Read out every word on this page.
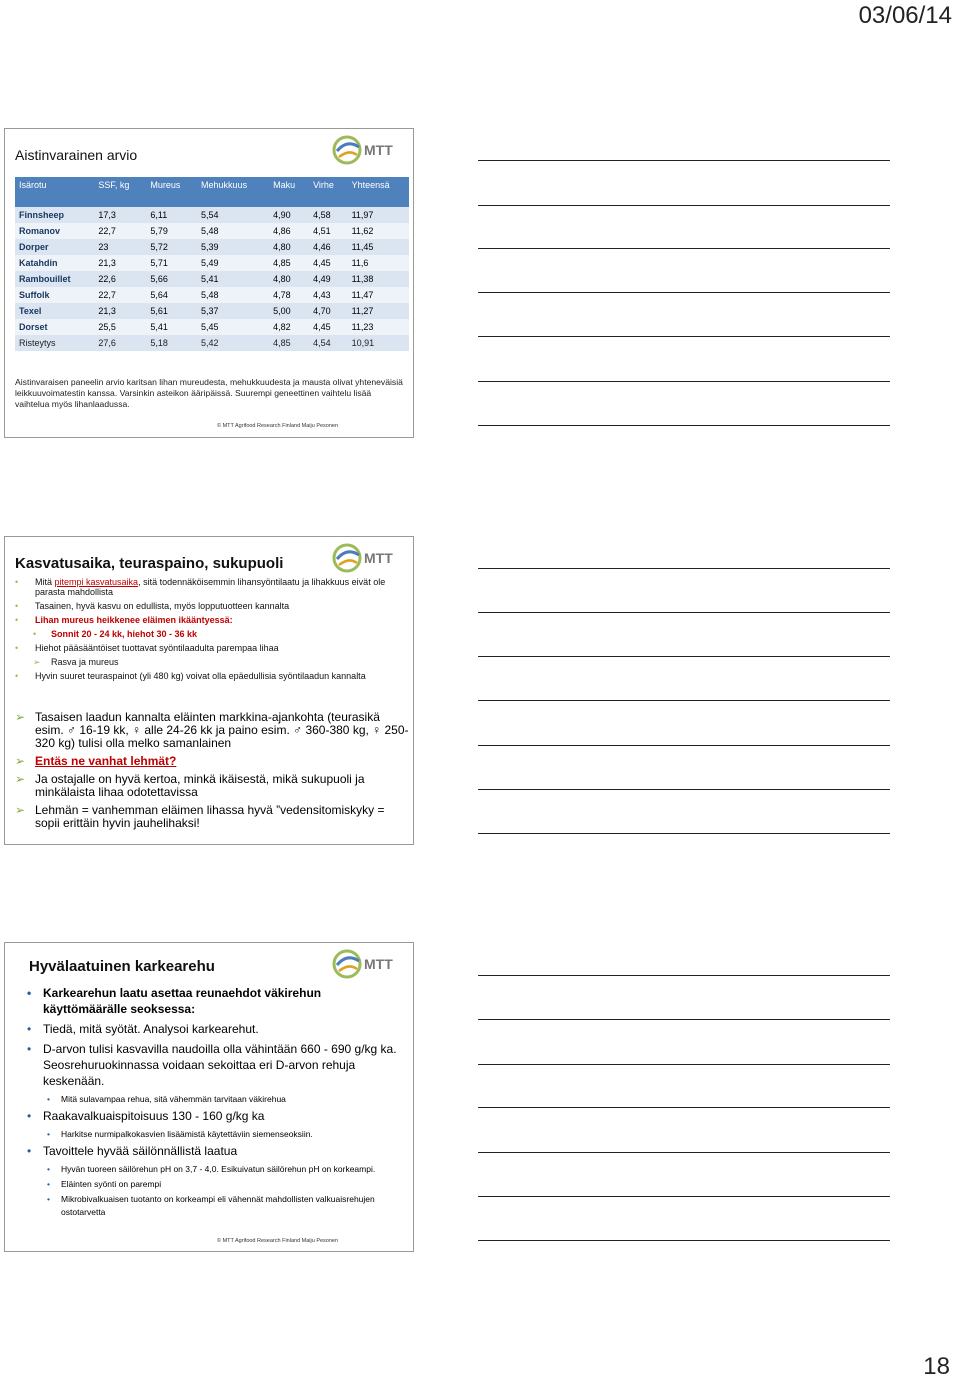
03/06/14
Aistinvarainen arvio	MTT
Isärotu	SSF, kg	Mureus	Mehukkuus	Maku	Virhe	Yhteensä
Finnsheep	17,3	6,11	5,54	4,90	4,58	11,97
Romanov	22,7	5,79	5,48	4,86	4,51	11,62
Dorper	23	5,72	5,39	4,80	4,46	11,45
Katahdin	21,3	5,71	5,49	4,85	4,45	11,6
Rambouillet	22,6	5,66	5,41	4,80	4,49	11,38
Suffolk	22,7	5,64	5,48	4,78	4,43	11,47
Texel	21,3	5,61	5,37	5,00	4,70	11,27
Dorset	25,5	5,41	5,45	4,82	4,45	11,23
Risteytys	27,6	5,18	5,42	4,85	4,54	10,91
Aistinvaraisen paneelin arvio karitsan lihan mureudesta, mehukkuudesta ja mausta olivat yhteneväisiä leikkuuvoimatestin kanssa. Varsinkin asteikon ääripäissä. Suurempi geneettinen vaihtelu lisää vaihtelua myös lihanlaadussa.
© MTT Agrifood Research Finland Maiju Pesonen
Kasvatusaika, teuraspaino, sukupuoli	MTT
• Mitä pitempi kasvatusaika, sitä todennäköisemmin lihansyöntilaatu ja lihakkuus eivät ole parasta mahdollista
• Tasainen, hyvä kasvu on edullista, myös lopputuotteen kannalta
• Lihan mureus heikkenee eläimen ikääntyessä:
• Sonnit 20 - 24 kk, hiehot 30 - 36 kk
• Hiehot pääsääntöiset tuottavat syöntilaadulta parempaa lihaa
➢ Rasva ja mureus
• Hyvin suuret teuraspainot (yli 480 kg) voivat olla epäedullisia syöntilaadun kannalta
➢ Tasaisen laadun kannalta eläinten markkina-ajankohta (teurasikä esim. ♂ 16-19 kk, ♀ alle 24-26 kk ja paino esim. ♂ 360-380 kg, ♀ 250-320 kg) tulisi olla melko samanlainen
➢ Entäs ne vanhat lehmät?
➢ Ja ostajalle on hyvä kertoa, minkä ikäisestä, mikä sukupuoli ja minkälaista lihaa odotettavissa
➢ Lehmän = vanhemman eläimen lihassa hyvä ”vedensitomiskyky = sopii erittäin hyvin jauhelihaksi!
Hyvälaatuinen karkearehu	MTT
• Karkearehun laatu asettaa reunaehdot väkirehun käyttömäärälle seoksessa:
• Tiedä, mitä syötät. Analysoi karkearehut.
• D-arvon tulisi kasvavilla naudoilla olla vähintään 660 - 690 g/kg ka. Seosrehuruokinnassa voidaan sekoittaa eri D-arvon rehuja keskenään.
• Mitä sulavampaa rehua, sitä vähemmän tarvitaan väkirehua
• Raakavalkuaispitoisuus 130 - 160 g/kg ka
• Harkitse nurmipalkokasvien lisäämistä käytettäviin siemenseoksiin.
• Tavoittele hyvää säilönnällistä laatua
• Hyvän tuoreen säilörehun pH on 3,7 - 4,0. Esikuivatun säilörehun pH on korkeampi.
• Eläinten syönti on parempi
• Mikrobivalkuaisen tuotanto on korkeampi eli vähennät mahdollisten valkuaisrehujen ostotarvetta
© MTT Agrifood Research Finland Maiju Pesonen
18
